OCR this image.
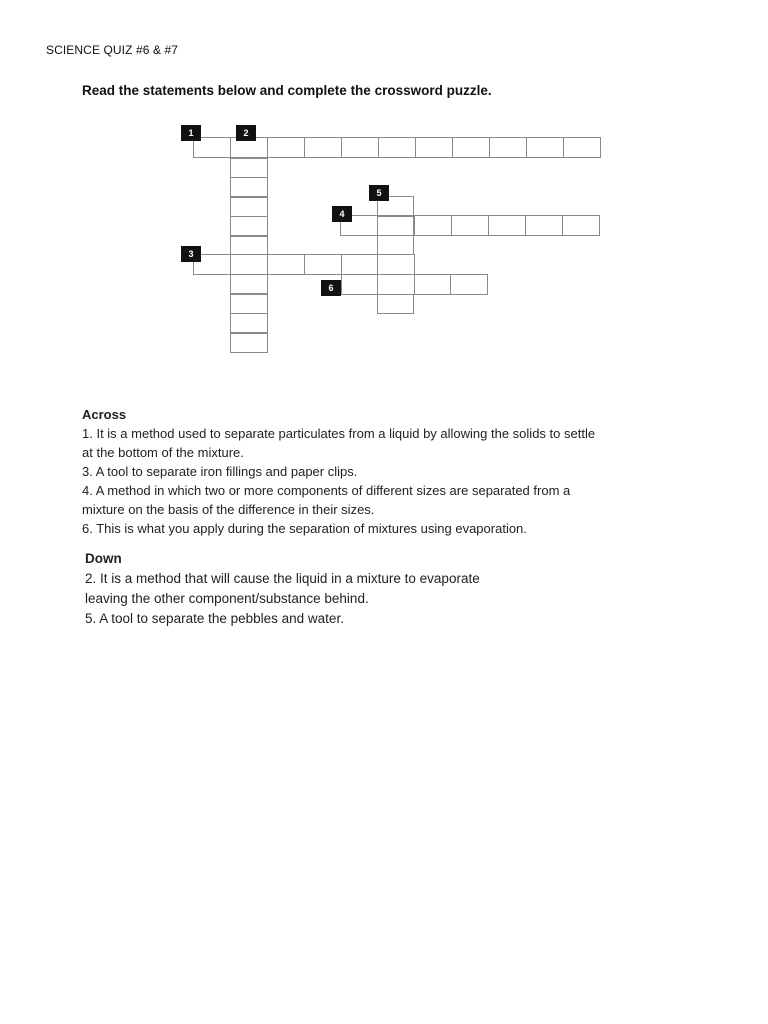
SCIENCE QUIZ #6 & #7
Read the statements below and complete the crossword puzzle.
1	2
3
4
5
6
Across

1. It is a method used to separate particulates from a liquid by allowing the solids to settle

at the bottom of the mixture.

3. A tool to separate iron fillings and paper clips.

4. A method in which two or more components of different sizes are separated from a

mixture on the basis of the difference in their sizes.

6. This is what you apply during the separation of mixtures using evaporation.

Down

2. It is a method that will cause the liquid in a mixture to evaporate

leaving the other component/substance behind.

5. A tool to separate the pebbles and water.
